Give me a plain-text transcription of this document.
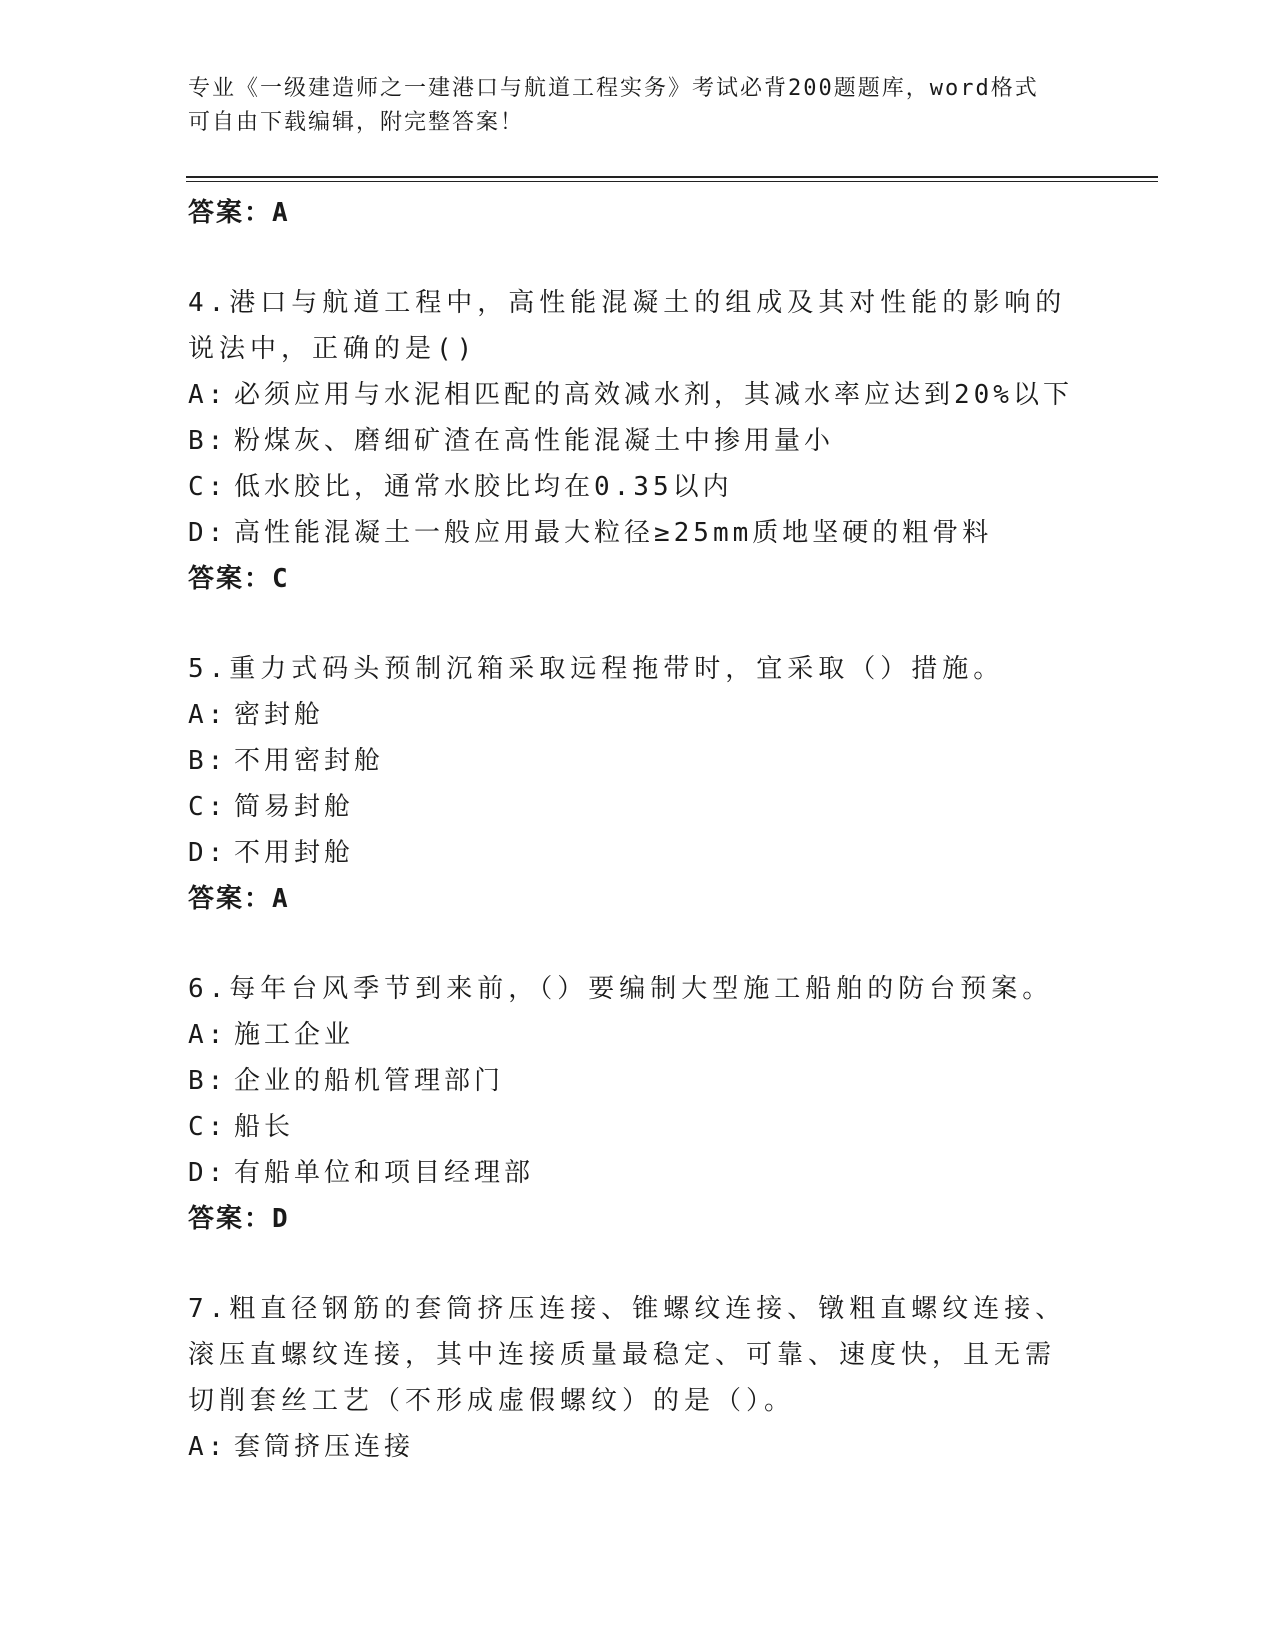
专业《一级建造师之一建港口与航道工程实务》考试必背200题题库，word格式
可自由下载编辑，附完整答案！
答案：A

4.港口与航道工程中，高性能混凝土的组成及其对性能的影响的说法中，正确的是()

A: 必须应用与水泥相匹配的高效减水剂，其减水率应达到20%以下
B: 粉煤灰、磨细矿渣在高性能混凝土中掺用量小
C: 低水胶比，通常水胶比均在0.35以内
D: 高性能混凝土一般应用最大粒径≥25mm质地坚硬的粗骨料
答案：C

5.重力式码头预制沉箱采取远程拖带时，宜采取（）措施。

A: 密封舱
B: 不用密封舱
C: 简易封舱
D: 不用封舱
答案：A

6.每年台风季节到来前，（）要编制大型施工船舶的防台预案。

A: 施工企业
B: 企业的船机管理部门
C: 船长
D: 有船单位和项目经理部
答案：D

7.粗直径钢筋的套筒挤压连接、锥螺纹连接、镦粗直螺纹连接、滚压直螺纹连接，其中连接质量最稳定、可靠、速度快，且无需切削套丝工艺（不形成虚假螺纹）的是（）。

A: 套筒挤压连接
